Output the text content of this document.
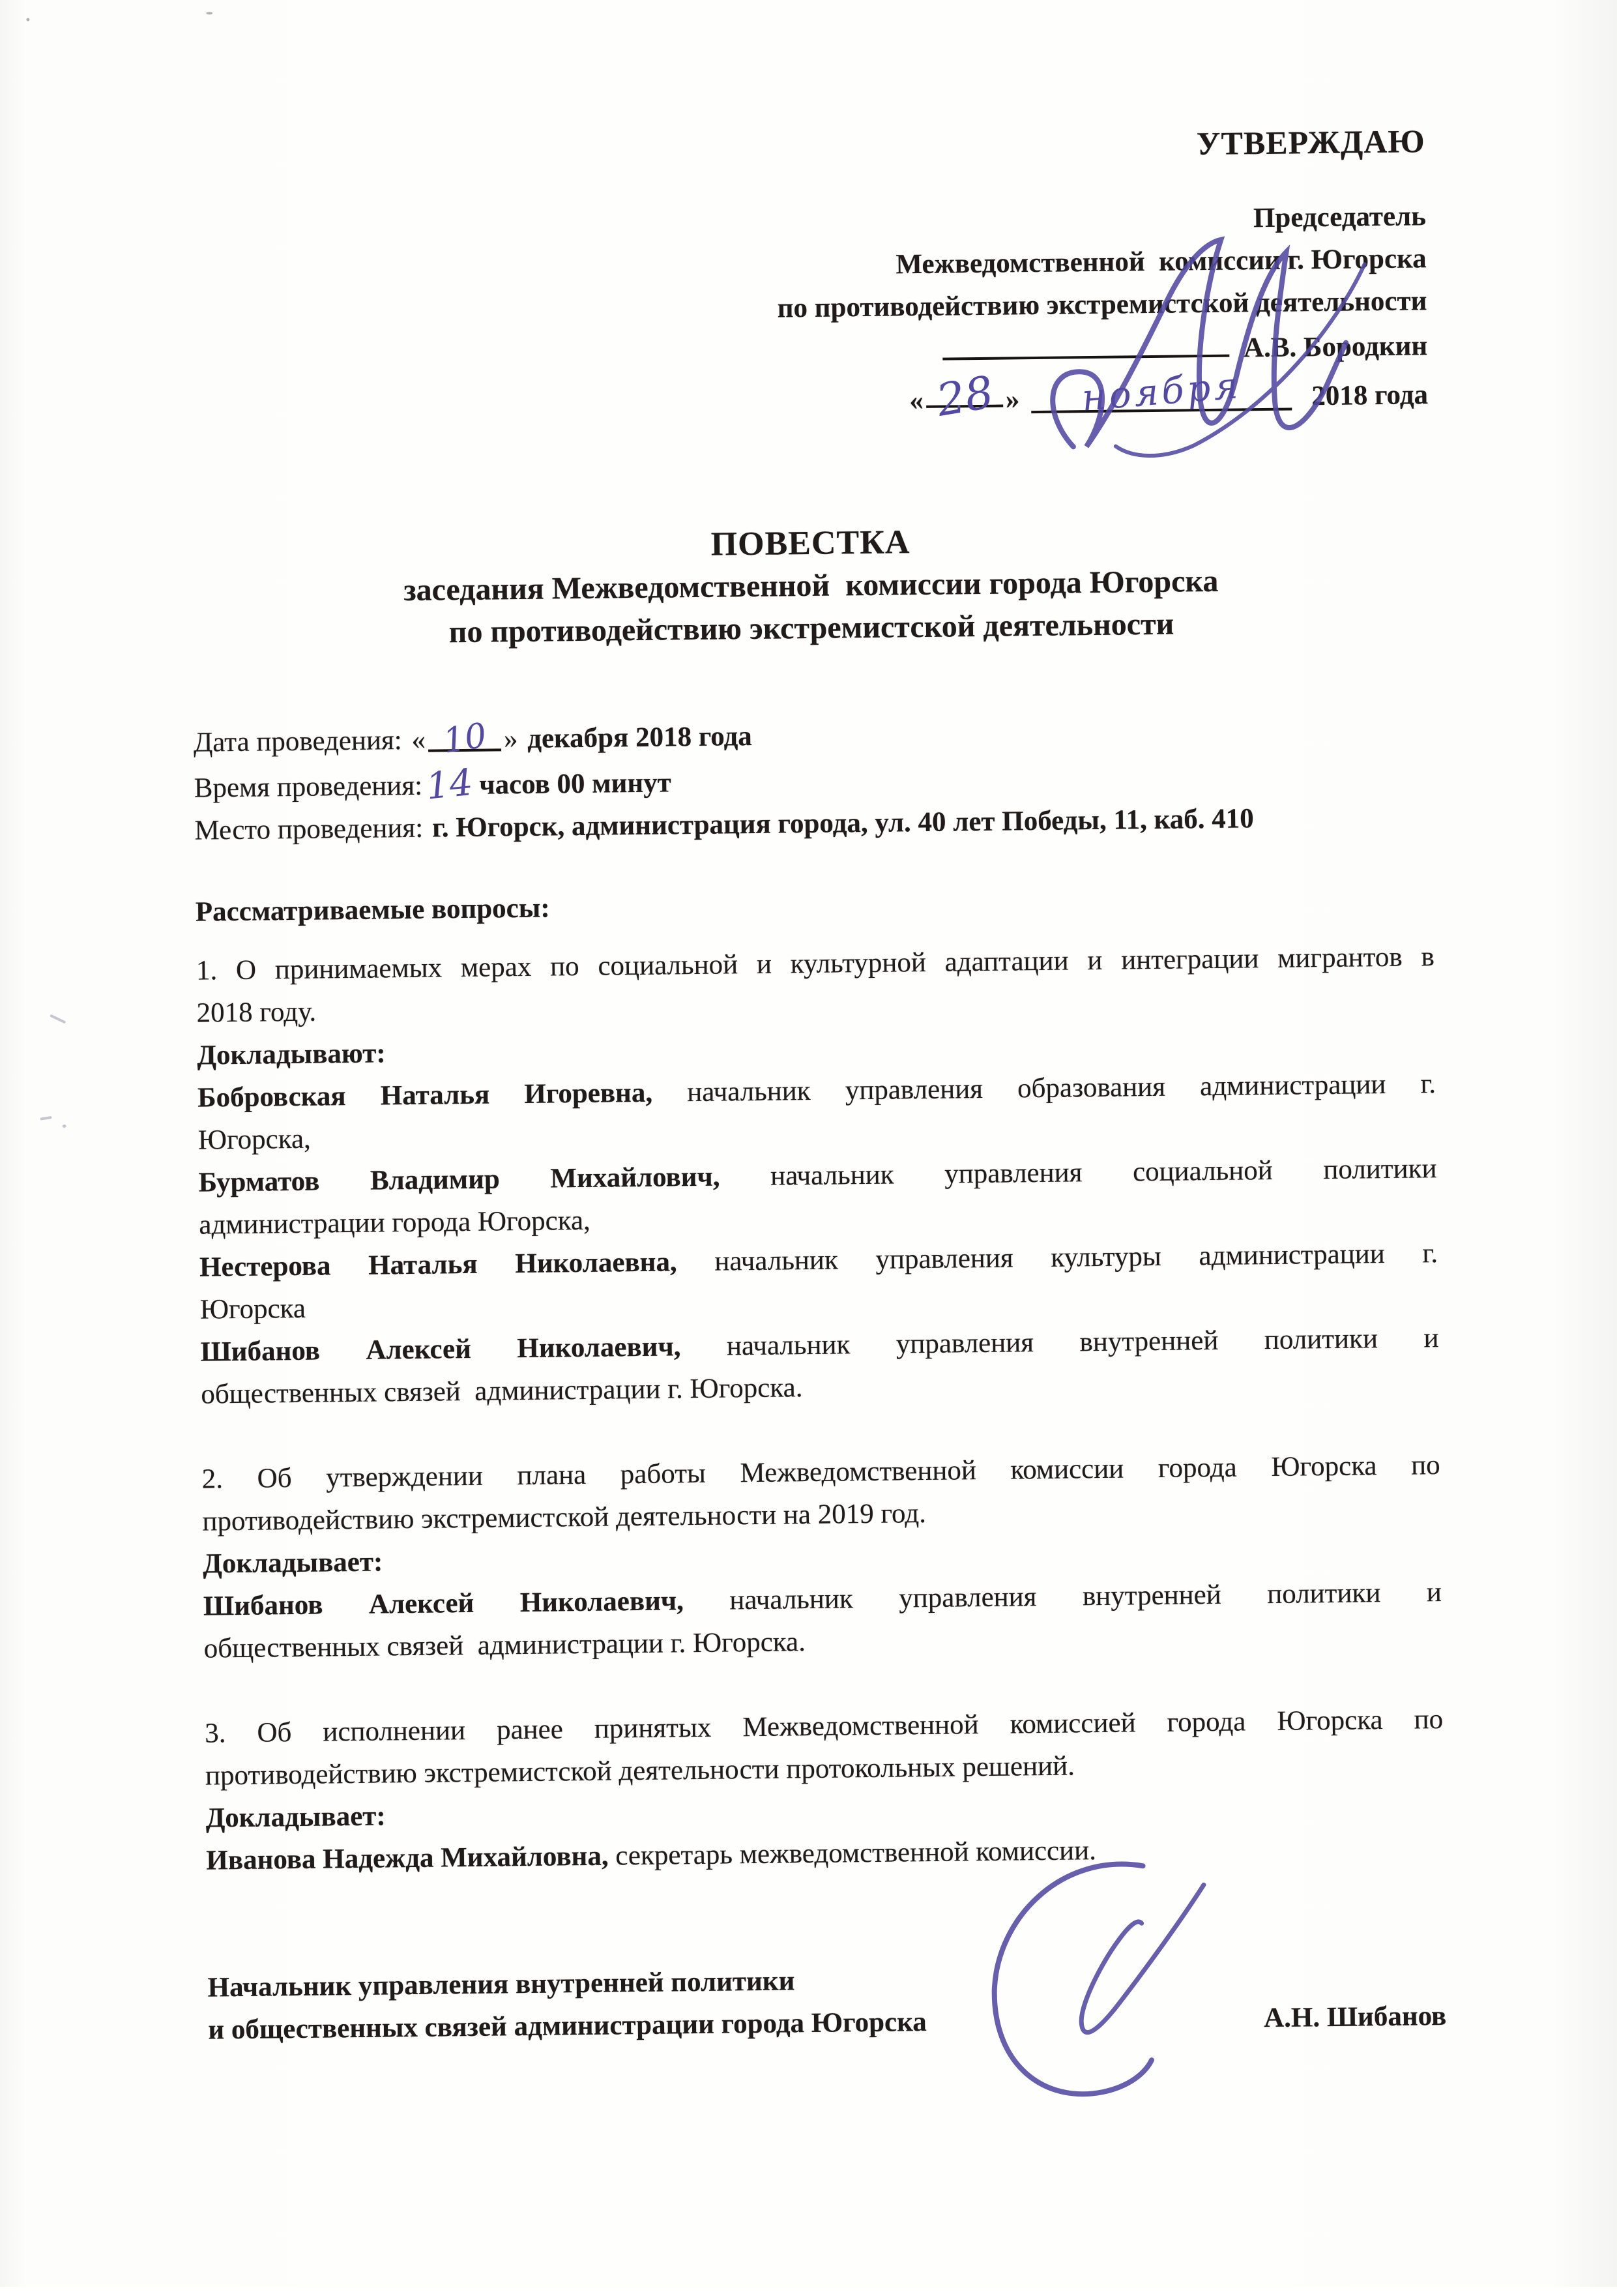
УТВЕРЖДАЮ
Председатель
Межведомственной  комиссии г. Югорска
по противодействию экстремистской деятельности
А.В. Бородкин
« 28 » ноября 2018 года
ПОВЕСТКА
заседания Межведомственной  комиссии города Югорска
по противодействию экстремистской деятельности
Дата проведения: « 10 » декабря 2018 года
Время проведения:14 часов 00 минут
Место проведения: г. Югорск, администрация города, ул. 40 лет Победы, 11, каб. 410
Рассматриваемые вопросы:
1. О принимаемых мерах по социальной и культурной адаптации и интеграции мигрантов в
2018 году.
Докладывают:
Бобровская Наталья Игоревна, начальник управления образования администрации г.
Югорска,
Бурматов Владимир Михайлович, начальник управления социальной политики
администрации города Югорска,
Нестерова Наталья Николаевна, начальник управления культуры администрации г.
Югорска
Шибанов Алексей Николаевич, начальник управления внутренней политики и
общественных связей  администрации г. Югорска.
2. Об утверждении плана работы Межведомственной комиссии города Югорска по
противодействию экстремистской деятельности на 2019 год.
Докладывает:
Шибанов Алексей Николаевич, начальник управления внутренней политики и
общественных связей  администрации г. Югорска.
3. Об исполнении ранее принятых Межведомственной комиссией города Югорска по
противодействию экстремистской деятельности протокольных решений.
Докладывает:
Иванова Надежда Михайловна, секретарь межведомственной комиссии.
Начальник управления внутренней политики
и общественных связей администрации города Югорска	А.Н. Шибанов
